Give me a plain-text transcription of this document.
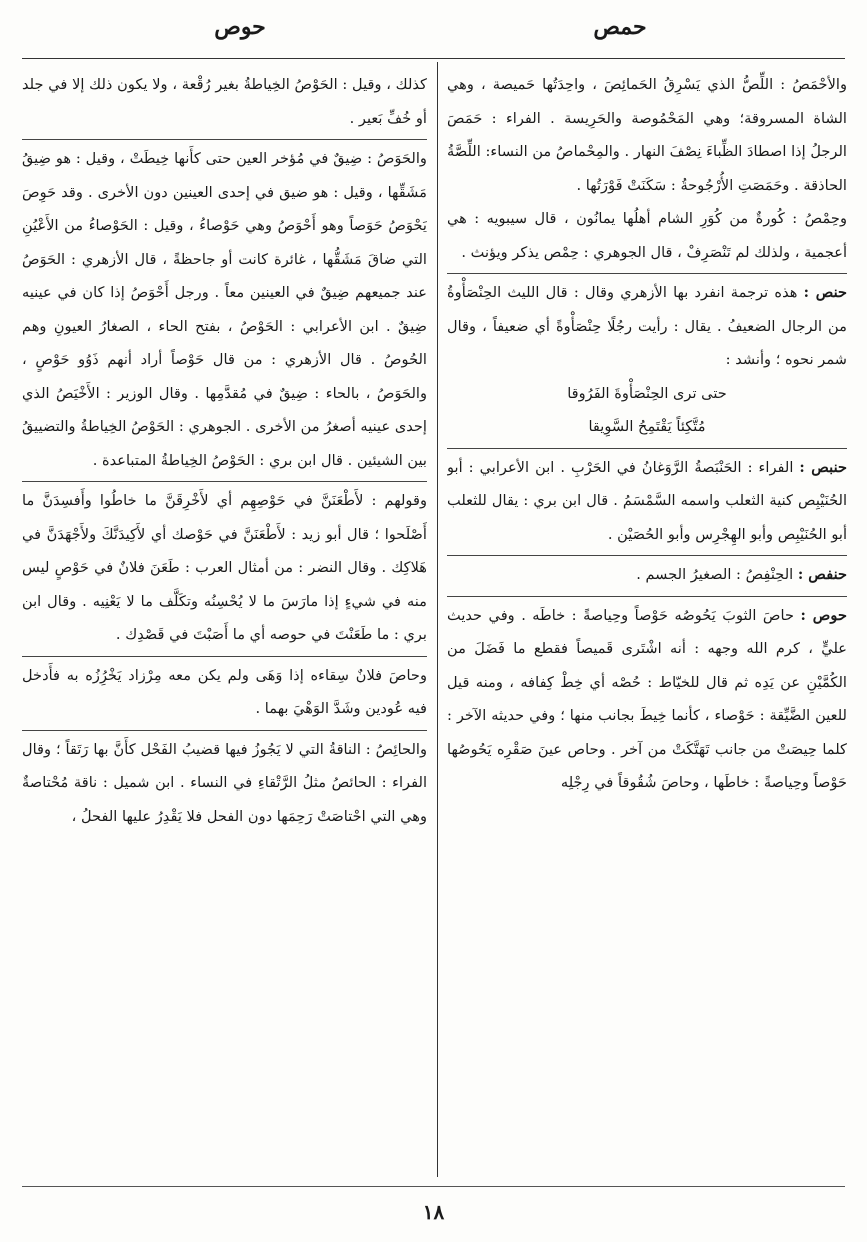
حمص
حوص

والأحْمَصُ : اللِّصُّ الذي يَسْرِقُ الحَمائِصَ ، واحِدَتُها حَميصة ، وهي الشاة المسروقة؛ وهي المَحْمُوصة والحَرِيسة . الفراء : حَمَصَ الرجلُ إذا اصطادَ الظِّباءَ نِصْفَ النهار . والمِحْماصُ من النساء: اللِّصَّةُ الحاذقة . وحَمَصَتِ الأُرْجُوحةُ : سَكَنَتْ فَوْرَتُها .

وحِمْصُ : كُورةٌ من كُوَرِ الشام أهلُها يمانُون ، قال سيبويه : هي أعجمية ، ولذلك لم تَنْصَرِفْ ، قال الجوهري : حِمْص يذكر ويؤنث .

حنص : هذه ترجمة انفرد بها الأزهري وقال : قال الليث الحِنْصَأْوةُ من الرجال الضعيفُ . يقال : رأيت رجُلًا حِنْصَأْوةً أي ضعيفاً ، وقال شمر نحوه ؛ وأنشد :

حتى ترى الحِنْصَأْوةَ الفَرُوقا

مُتَّكِئاً يَقْتَمِحُ السَّوِيقا

حنبص : الفراء : الحَنْبَصةُ الرَّوَغانُ في الحَرْبِ . ابن الأعرابي : أبو الحُنَيْبِص كنية الثعلب واسمه السَّمْسَمُ . قال ابن بري : يقال للثعلب أبو الحُنَيْبِص وأبو الهِجْرِس وأبو الحُصَيْن .

حنفص : الحِنْفِصُ : الصغيرُ الجسم .

حوص : حاصَ الثوبَ يَحُوصُه حَوْصاً وحِياصةً : خاطَه . وفي حديث عليٍّ ، كرم الله وجهه : أنه اشْتَرى قَميصاً فقطع ما فَضَلَ من الكُمَّيْنِ عن يَدِه ثم قال للخيّاط : حُصْه أي خِطْ كِفافه ، ومنه قيل للعين الضَّيِّقة : حَوْصاء ، كأنما خِيطَ بجانب منها ؛ وفي حديثه الآخر : كلما حِيصَتْ من جانب تَهَتَّكَتْ من آخر . وحاص عينَ صَقْرِه يَحُوصُها حَوْصاً وحِياصةً : خاطَها ، وحاصَ شُقُوقاً في رِجْلِه

كذلك ، وقيل : الحَوْصُ الخِياطةُ بغير رُقْعة ، ولا يكون ذلك إلا في جلد أو خُفِّ بَعير .

والحَوَصُ : ضِيقٌ في مُؤخر العين حتى كأَنها خِيطَتْ ، وقيل : هو ضِيقُ مَشَقِّها ، وقيل : هو ضيق في إحدى العينين دون الأخرى . وقد حَوِصَ يَحْوَصُ حَوَصاً وهو أَحْوَصُ وهي حَوْصاءُ ، وقيل : الحَوْصاءُ من الأَعْيُنِ التي ضاقَ مَشَقُّها ، غائرة كانت أو جاحظةً ، قال الأزهري : الحَوَصُ عند جميعهم ضِيقٌ في العينين معاً . ورجل أَحْوَصُ إذا كان في عينيه ضِيقٌ . ابن الأعرابي : الحَوْصُ ، بفتح الحاء ، الصغارُ العيونِ وهم الحُوصُ . قال الأزهري : من قال حَوْصاً أراد أنهم ذَوُو حَوْصٍ ، والحَوَصُ ، بالحاء : ضِيقٌ في مُقدَّمِها . وقال الوزير : الأَخْيَصُ الذي إحدى عينيه أصغرُ من الأخرى . الجوهري : الحَوْصُ الخِياطةُ والتضييقُ بين الشيئين . قال ابن بري : الحَوْصُ الخِياطةُ المتباعدة .

وقولهم : لأَطْعَنَنَّ في حَوْصِهِم أي لأَخْرِقَنَّ ما خاطُوا وأَفسِدَنَّ ما أَصْلَحوا ؛ قال أبو زيد : لأَطْعَنَنَّ في حَوْصك أي لأَكِيدَنَّكَ ولأَجْهَدَنَّ في هَلاكِك . وقال النضر : من أمثال العرب : طَعَنَ فلانٌ في حَوْصٍ ليس منه في شيءٍ إذا مارَسَ ما لا يُحْسِنُه وتكَلَّف ما لا يَعْنِيه . وقال ابن بري : ما طَعَنْتَ في حوصه أي ما أَصَبْتَ في قَصْدِك .

وحاصَ فلانٌ سِقاءه إذا وَهَى ولم يكن معه مِرْزاد يَخْرُِزُه به فأَدخل فيه عُودين وشَدَّ الوَهْيَ بهما .

والحائِصُ : الناقةُ التي لا يَجُوزُ فيها قضيبُ الفَحْل كأَنَّ بها رَتَقاً ؛ وقال الفراء : الحائصُ مثلُ الرَّتْقاءِ في النساء . ابن شميل : ناقة مُحْتاصةٌ وهي التي احْتاصَتْ رَحِمَها دون الفحل فلا يَقْدِرُ عليها الفحلُ ،

١٨
